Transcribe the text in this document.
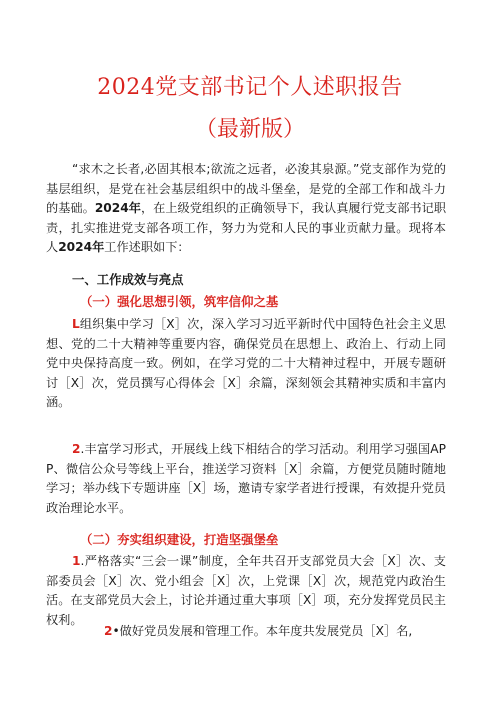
2024党支部书记个人述职报告
（最新版）

“求木之长者,必固其根本;欲流之远者，必浚其泉源。”党支部作为党的基层组织，是党在社会基层组织中的战斗堡垒，是党的全部工作和战斗力的基础。2024年，在上级党组织的正确领导下，我认真履行党支部书记职责，扎实推进党支部各项工作，努力为党和人民的事业贡献力量。现将本人2024年工作述职如下：

一、工作成效与亮点

（一）强化思想引领，筑牢信仰之基

L组织集中学习［X］次，深入学习习近平新时代中国特色社会主义思想、党的二十大精神等重要内容，确保党员在思想上、政治上、行动上同党中央保持高度一致。例如，在学习党的二十大精神过程中，开展专题研讨［X］次，党员撰写心得体会［X］余篇，深刻领会其精神实质和丰富内涵。

2.丰富学习形式，开展线上线下相结合的学习活动。利用学习强国APP、微信公众号等线上平台，推送学习资料［X］余篇，方便党员随时随地学习；举办线下专题讲座［X］场，邀请专家学者进行授课，有效提升党员政治理论水平。

（二）夯实组织建设，打造坚强堡垒

1.严格落实“三会一课”制度，全年共召开支部党员大会［X］次、支部委员会［X］次、党小组会［X］次，上党课［X］次，规范党内政治生活。在支部党员大会上，讨论并通过重大事项［X］项，充分发挥党员民主权利。

2•做好党员发展和管理工作。本年度共发展党员［X］名,
